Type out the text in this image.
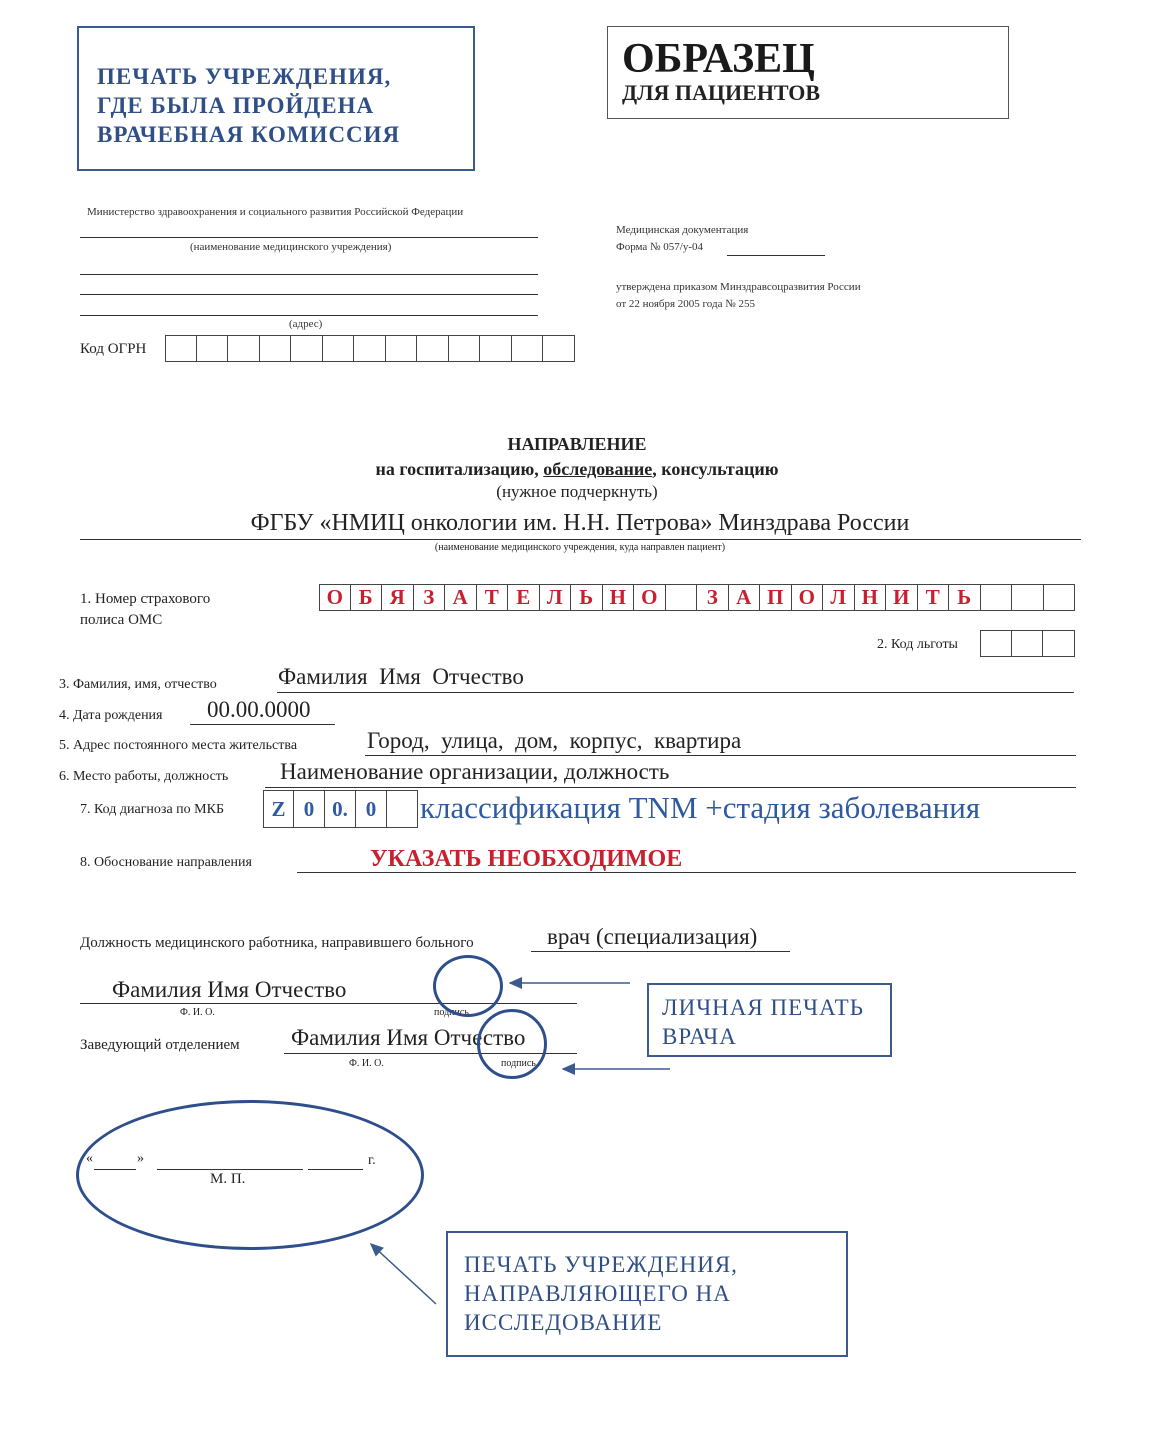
ПЕЧАТЬ УЧРЕЖДЕНИЯ,
ГДЕ БЫЛА ПРОЙДЕНА
ВРАЧЕБНАЯ КОМИССИЯ
ОБРАЗЕЦ
ДЛЯ ПАЦИЕНТОВ
Министерство здравоохранения и социального развития Российской Федерации
(наименование медицинского учреждения)
(адрес)
Код ОГРН
Медицинская документация
Форма № 057/у-04
утверждена приказом Минздравсоцразвития России
от 22 ноября 2005 года № 255
НАПРАВЛЕНИЕ
на госпитализацию, обследование, консультацию
(нужное подчеркнуть)
ФГБУ «НМИЦ онкологии им. Н.Н. Петрова» Минздрава России
(наименование медицинского учреждения, куда направлен пациент)
1. Номер страхового
полиса ОМС
О Б Я З А Т Е Л Ь Н О	З А П О Л Н И Т Ь
2. Код льготы
3. Фамилия, имя, отчество	Фамилия  Имя  Отчество
4. Дата рождения 00.00.0000
5. Адрес постоянного места жительства	Город,  улица,  дом,  корпус,  квартира
6. Место работы, должность Наименование организации, должность
7. Код диагноза по МКБ	Z 0 0. 0	классификация TNM +стадия заболевания
8. Обоснование направления	УКАЗАТЬ НЕОБХОДИМОЕ
Должность медицинского работника, направившего больного	врач (специализация)
Фамилия Имя Отчество
Ф. И. О.	подпись
Заведующий отделением Фамилия Имя Отчество
Ф. И. О.	подпись
ЛИЧНАЯ ПЕЧАТЬ
ВРАЧА
«	»	г.
М. П.
ПЕЧАТЬ УЧРЕЖДЕНИЯ,
НАПРАВЛЯЮЩЕГО НА
ИССЛЕДОВАНИЕ
